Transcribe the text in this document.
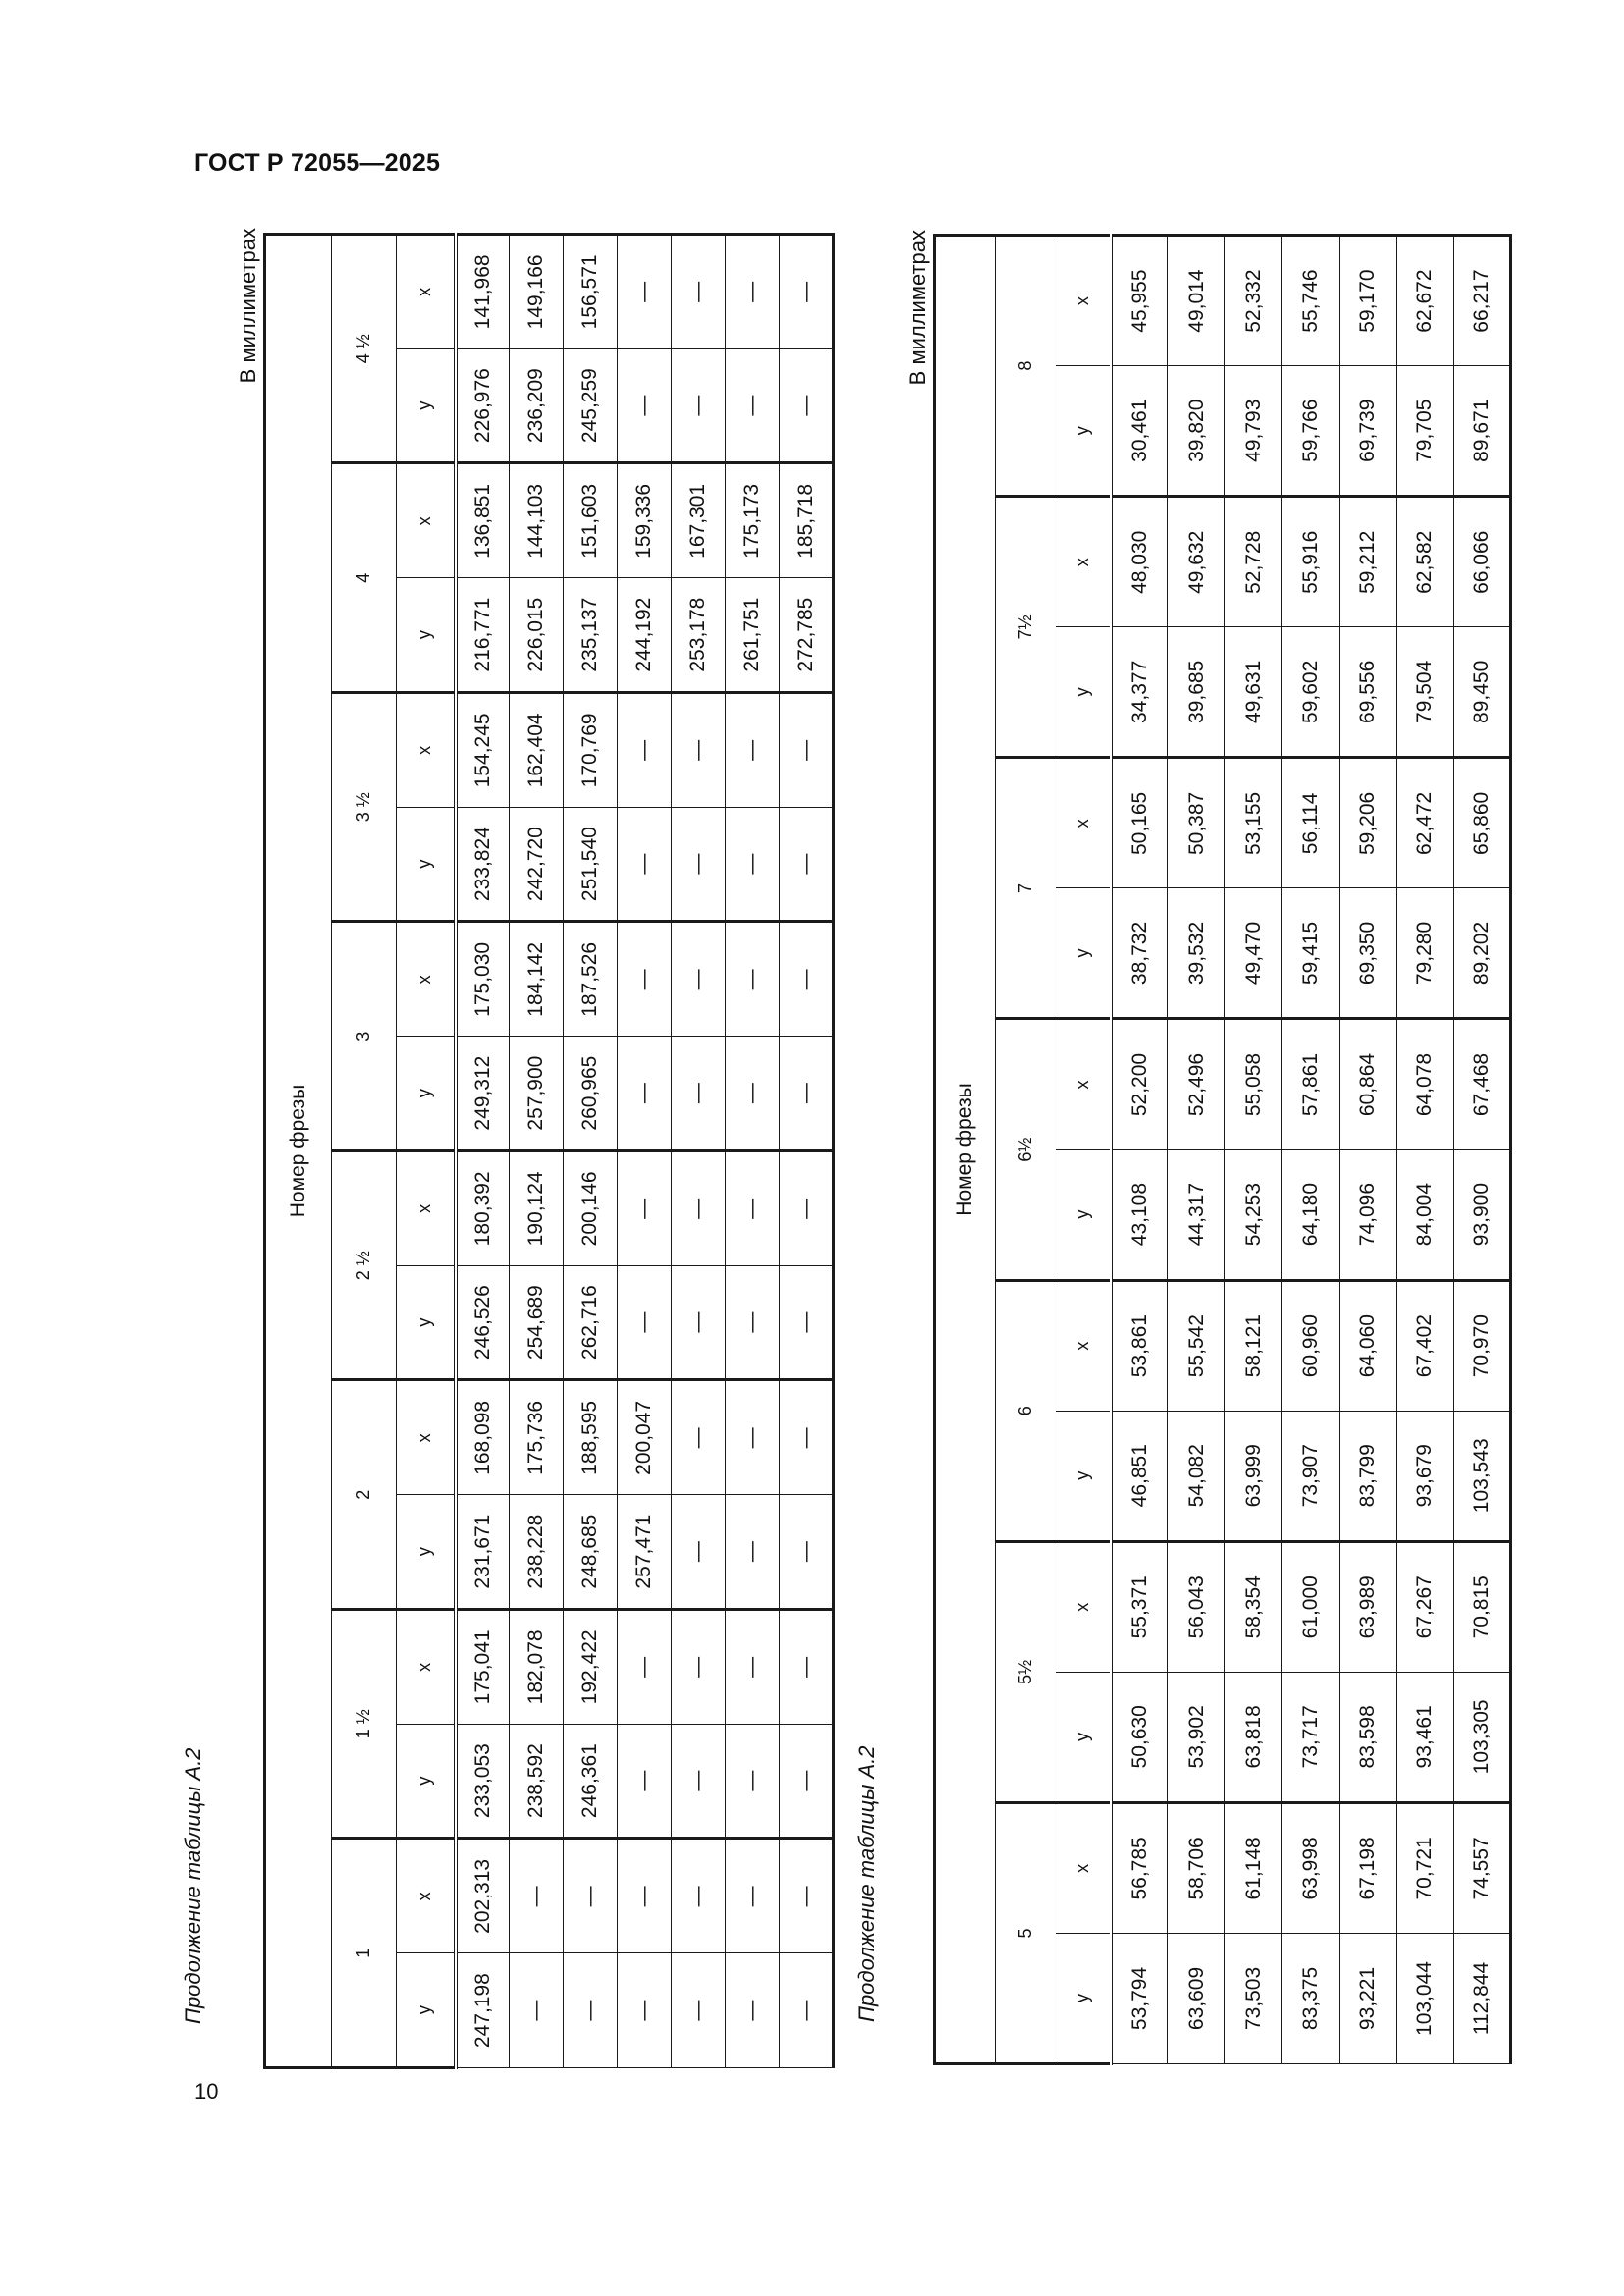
ГОСТ Р 72055—2025
Продолжение таблицы А.2
В миллиметрах
Номер фрезы															
1		1 ½		2		2 ½		3		3 ½		4		4 ½	
y	x	y	x	y	x	y	x	y	x	y	x	y	x	y	x
247,198	202,313	233,053	175,041	231,671	168,098	246,526	180,392	249,312	175,030	233,824	154,245	216,771	136,851	226,976	141,968
—	—	238,592	182,078	238,228	175,736	254,689	190,124	257,900	184,142	242,720	162,404	226,015	144,103	236,209	149,166
—	—	246,361	192,422	248,685	188,595	262,716	200,146	260,965	187,526	251,540	170,769	235,137	151,603	245,259	156,571
—	—	—	—	257,471	200,047	—	—	—	—	—	—	244,192	159,336	—	—
—	—	—	—	—	—	—	—	—	—	—	—	253,178	167,301	—	—
—	—	—	—	—	—	—	—	—	—	—	—	261,751	175,173	—	—
—	—	—	—	—	—	—	—	—	—	—	—	272,785	185,718	—	—
Продолжение таблицы А.2
В миллиметрах
Номер фрезы													
5		5½		6		6½		7		7½		8	
y	x	y	x	y	x	y	x	y	x	y	x	y	x
53,794	56,785	50,630	55,371	46,851	53,861	43,108	52,200	38,732	50,165	34,377	48,030	30,461	45,955
63,609	58,706	53,902	56,043	54,082	55,542	44,317	52,496	39,532	50,387	39,685	49,632	39,820	49,014
73,503	61,148	63,818	58,354	63,999	58,121	54,253	55,058	49,470	53,155	49,631	52,728	49,793	52,332
83,375	63,998	73,717	61,000	73,907	60,960	64,180	57,861	59,415	56,114	59,602	55,916	59,766	55,746
93,221	67,198	83,598	63,989	83,799	64,060	74,096	60,864	69,350	59,206	69,556	59,212	69,739	59,170
103,044	70,721	93,461	67,267	93,679	67,402	84,004	64,078	79,280	62,472	79,504	62,582	79,705	62,672
112,844	74,557	103,305	70,815	103,543	70,970	93,900	67,468	89,202	65,860	89,450	66,066	89,671	66,217
10
